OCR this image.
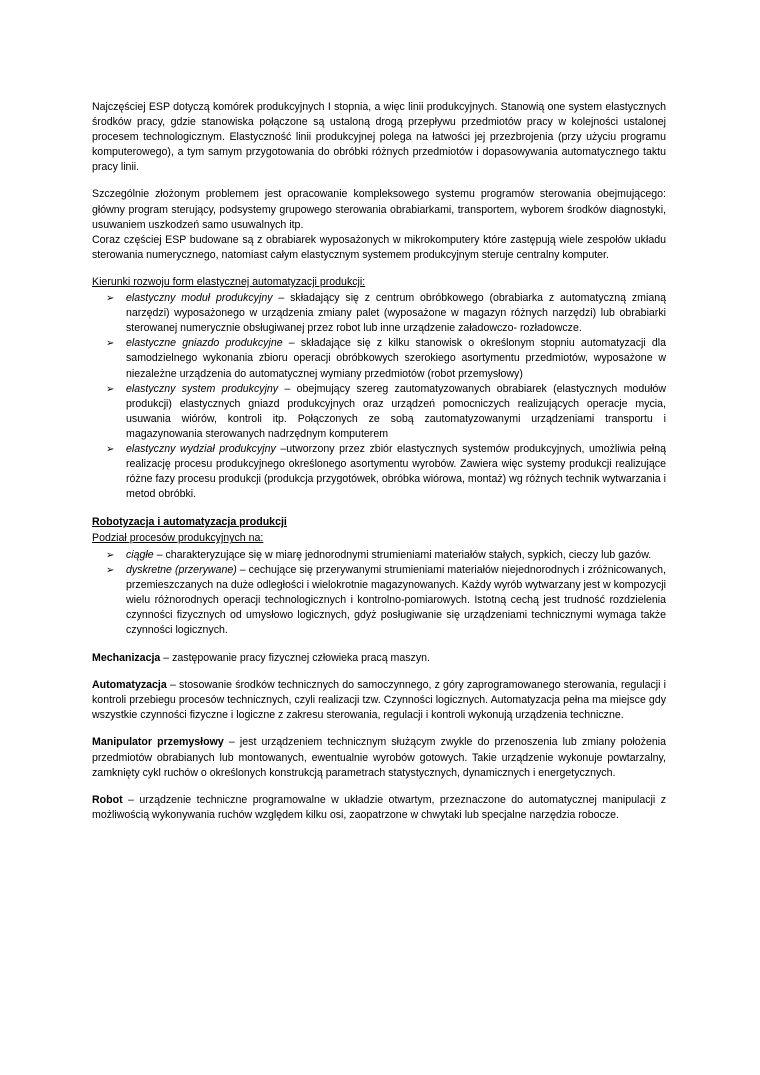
Najczęściej ESP dotyczą komórek produkcyjnych I stopnia, a więc linii produkcyjnych. Stanowią one system elastycznych środków pracy, gdzie stanowiska połączone są ustaloną drogą przepływu przedmiotów pracy w kolejności ustalonej procesem technologicznym. Elastyczność linii produkcyjnej polega na łatwości jej przezbrojenia (przy użyciu programu komputerowego), a tym samym przygotowania do obróbki różnych przedmiotów i dopasowywania automatycznego taktu pracy linii.

Szczególnie złożonym problemem jest opracowanie kompleksowego systemu programów sterowania obejmującego: główny program sterujący, podsystemy grupowego sterowania obrabiarkami, transportem, wyborem środków diagnostyki, usuwaniem uszkodzeń samo usuwalnych itp.

Coraz częściej ESP budowane są z obrabiarek wyposażonych w mikrokomputery które zastępują wiele zespołów układu sterowania numerycznego, natomiast całym elastycznym systemem produkcyjnym steruje centralny komputer.

Kierunki rozwoju form elastycznej automatyzacji produkcji:

➢ elastyczny moduł produkcyjny – składający się z centrum obróbkowego (obrabiarka z automatyczną zmianą narzędzi) wyposażonego w urządzenia zmiany palet (wyposażone w magazyn różnych narzędzi) lub obrabiarki sterowanej numerycznie obsługiwanej przez robot lub inne urządzenie załadowczo- rozładowcze.
➢ elastyczne gniazdo produkcyjne – składające się z kilku stanowisk o określonym stopniu automatyzacji dla samodzielnego wykonania zbioru operacji obróbkowych szerokiego asortymentu przedmiotów, wyposażone w niezależne urządzenia do automatycznej wymiany przedmiotów (robot przemysłowy)
➢ elastyczny system produkcyjny – obejmujący szereg zautomatyzowanych obrabiarek (elastycznych modułów produkcji) elastycznych gniazd produkcyjnych oraz urządzeń pomocniczych realizujących operacje mycia, usuwania wiórów, kontroli itp. Połączonych ze sobą zautomatyzowanymi urządzeniami transportu i magazynowania sterowanych nadrzędnym komputerem
➢ elastyczny wydział produkcyjny –utworzony przez zbiór elastycznych systemów produkcyjnych, umożliwia pełną realizację procesu produkcyjnego określonego asortymentu wyrobów. Zawiera więc systemy produkcji realizujące różne fazy procesu produkcji (produkcja przygotówek, obróbka wiórowa, montaż) wg różnych technik wytwarzania i metod obróbki.

Robotyzacja i automatyzacja produkcji

Podział procesów produkcyjnych na:

➢ ciągłe – charakteryzujące się w miarę jednorodnymi strumieniami materiałów stałych, sypkich, cieczy lub gazów.
➢ dyskretne (przerywane) – cechujące się przerywanymi strumieniami materiałów niejednorodnych i zróżnicowanych, przemieszczanych na duże odległości i wielokrotnie magazynowanych. Każdy wyrób wytwarzany jest w kompozycji wielu różnorodnych operacji technologicznych i kontrolno-pomiarowych. Istotną cechą jest trudność rozdzielenia czynności fizycznych od umysłowo logicznych, gdyż posługiwanie się urządzeniami technicznymi wymaga także czynności logicznych.

Mechanizacja – zastępowanie pracy fizycznej człowieka pracą maszyn.

Automatyzacja – stosowanie środków technicznych do samoczynnego, z góry zaprogramowanego sterowania, regulacji i kontroli przebiegu procesów technicznych, czyli realizacji tzw. Czynności logicznych. Automatyzacja pełna ma miejsce gdy wszystkie czynności fizyczne i logiczne z zakresu sterowania, regulacji i kontroli wykonują urządzenia techniczne.

Manipulator przemysłowy – jest urządzeniem technicznym służącym zwykle do przenoszenia lub zmiany położenia przedmiotów obrabianych lub montowanych, ewentualnie wyrobów gotowych. Takie urządzenie wykonuje powtarzalny, zamknięty cykl ruchów o określonych konstrukcją parametrach statystycznych, dynamicznych i energetycznych.

Robot – urządzenie techniczne programowalne w układzie otwartym, przeznaczone do automatycznej manipulacji z możliwością wykonywania ruchów względem kilku osi, zaopatrzone w chwytaki lub specjalne narzędzia robocze.
